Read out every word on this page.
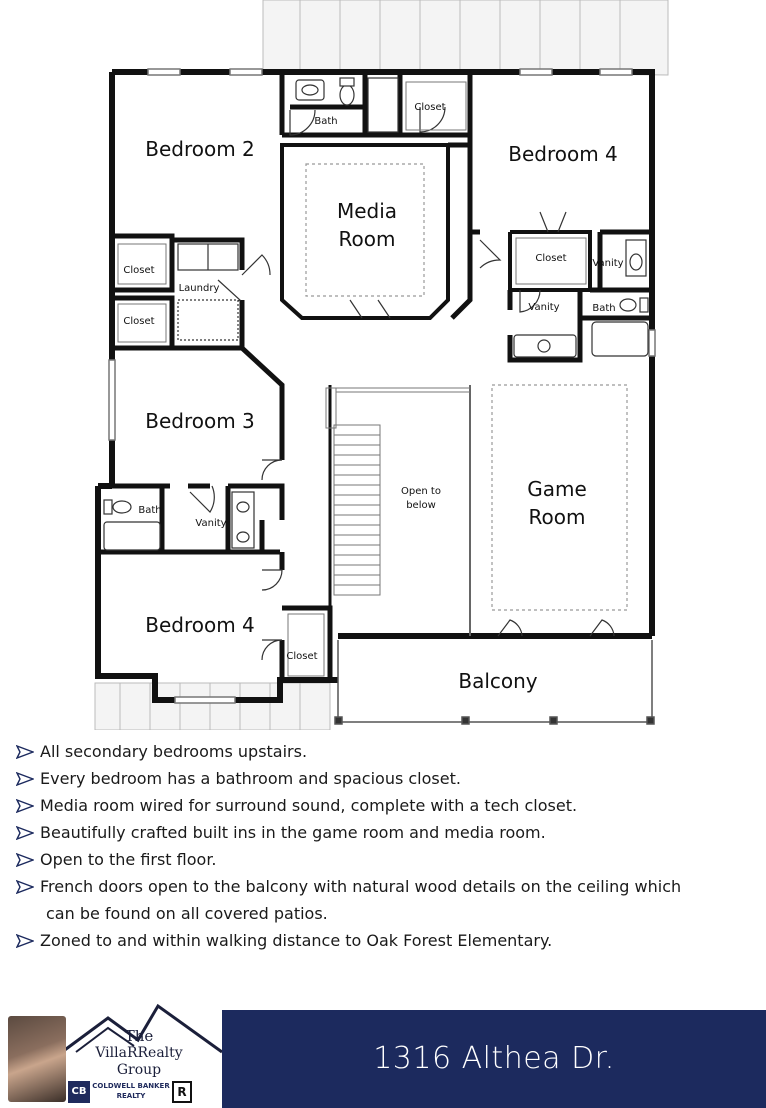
Bedroom 2
Media
Room
Bedroom 4
Bedroom 3
Open to
below
Game
Room
Bedroom 4
Balcony
Bath
Closet
Closet
Laundry
Closet
Closet	Vanity
Vanity	Bath
Bath
Vanity
Closet
All secondary bedrooms upstairs.
Every bedroom has a bathroom and spacious closet.
Media room wired for surround sound, complete with a tech closet.
Beautifully crafted built ins in the game room and media room.
Open to the first floor.
French doors open to the balcony with natural wood details on the ceiling which
can be found on all covered patios.
Zoned to and within walking distance to Oak Forest Elementary.
The
VillaRRealty
Group
CB COLDWELL BANKER
REALTY	R
1316 Althea Dr.
